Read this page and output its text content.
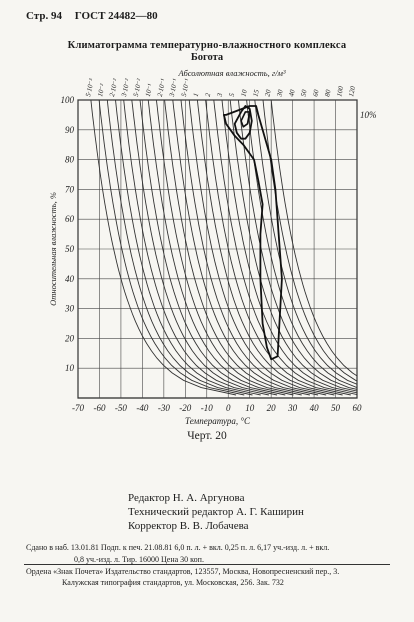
Стр. 94 ГОСТ 24482—80
Климатограмма температурно-влажностного комплекса
Богота
-70 -60 -50 -40 -30 -20 -10 0 10 20 30 40 50 60
100
90
80
70
60
50
40
30
20
10
5·10⁻³ 10⁻² 2·10⁻² 3·10⁻² 5·10⁻² 10⁻¹ 2·10⁻¹ 3·10⁻¹ 5·10⁻¹ 1 2 3 5 10 15 20 30 40 50 60 80 100 120
Абсолютная влажность, г/м³
10%
Относительная влажность, %
Температура, °С
Черт. 20
Редактор Н. А. Аргунова
Технический редактор А. Г. Каширин
Корректор В. В. Лобачева
Сдано в наб. 13.01.81 Подп. к печ. 21.08.81 6,0 п. л. + вкл. 0,25 п. л. 6,17 уч.-изд. л. + вкл.
0,8 уч.-изд. л. Тир. 16000 Цена 30 коп.
Ордена «Знак Почета» Издательство стандартов, 123557, Москва, Новопресненский пер., 3.
Калужская типография стандартов, ул. Московская, 256. Зак. 732
